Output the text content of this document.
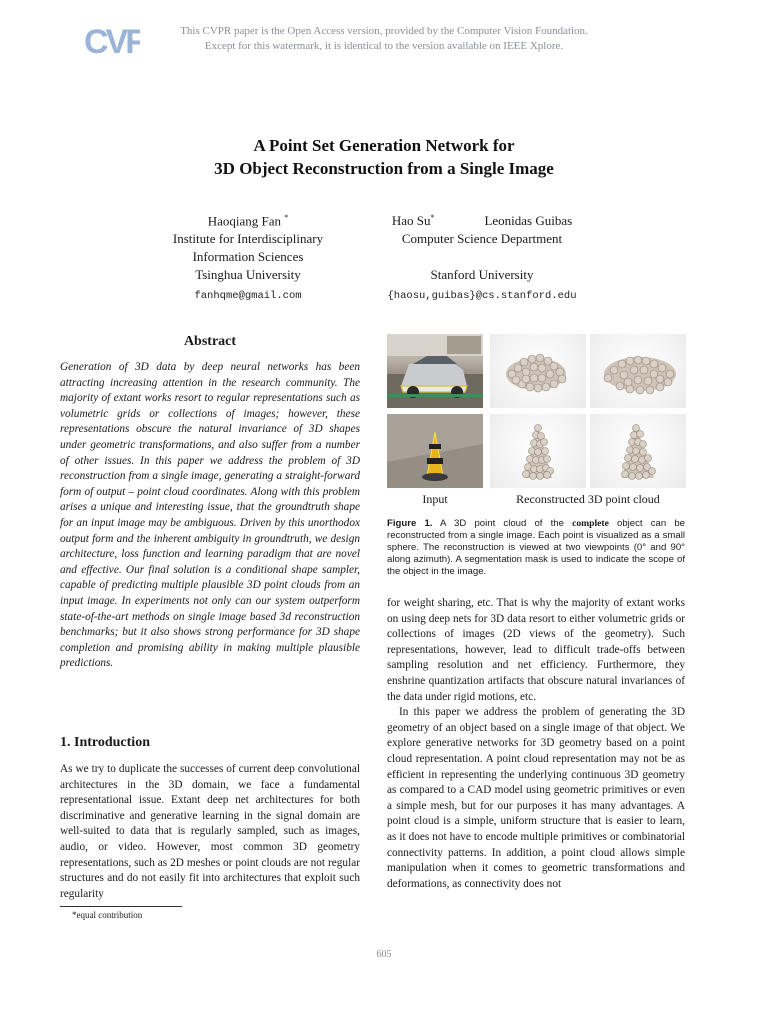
CVF	This CVPR paper is the Open Access version, provided by the Computer Vision Foundation.
Except for this watermark, it is identical to the version available on IEEE Xplore.
A Point Set Generation Network for
3D Object Reconstruction from a Single Image
Haoqiang Fan *
Institute for Interdisciplinary
Information Sciences
Tsinghua University
fanhqme@gmail.com
Hao Su*	Leonidas Guibas
Computer Science Department
Stanford University
{haosu,guibas}@cs.stanford.edu
Abstract
Generation of 3D data by deep neural networks has been attracting increasing attention in the research community. The majority of extant works resort to regular representations such as volumetric grids or collections of images; however, these representations obscure the natural invariance of 3D shapes under geometric transformations, and also suffer from a number of other issues. In this paper we address the problem of 3D reconstruction from a single image, generating a straight-forward form of output – point cloud coordinates. Along with this problem arises a unique and interesting issue, that the groundtruth shape for an input image may be ambiguous. Driven by this unorthodox output form and the inherent ambiguity in groundtruth, we design architecture, loss function and learning paradigm that are novel and effective. Our final solution is a conditional shape sampler, capable of predicting multiple plausible 3D point clouds from an input image. In experiments not only can our system outperform state-of-the-art methods on single image based 3d reconstruction benchmarks; but it also shows strong performance for 3D shape completion and promising ability in making multiple plausible predictions.
1. Introduction
As we try to duplicate the successes of current deep convolutional architectures in the 3D domain, we face a fundamental representational issue. Extant deep net architectures for both discriminative and generative learning in the signal domain are well-suited to data that is regularly sampled, such as images, audio, or video. However, most common 3D geometry representations, such as 2D meshes or point clouds are not regular structures and do not easily fit into architectures that exploit such regularity
*equal contribution
Input	Reconstructed 3D point cloud
Figure 1. A 3D point cloud of the complete object can be reconstructed from a single image. Each point is visualized as a small sphere. The reconstruction is viewed at two viewpoints (0° and 90° along azimuth). A segmentation mask is used to indicate the scope of the object in the image.

for weight sharing, etc. That is why the majority of extant works on using deep nets for 3D data resort to either volumetric grids or collections of images (2D views of the geometry). Such representations, however, lead to difficult trade-offs between sampling resolution and net efficiency. Furthermore, they enshrine quantization artifacts that obscure natural invariances of the data under rigid motions, etc.

In this paper we address the problem of generating the 3D geometry of an object based on a single image of that object. We explore generative networks for 3D geometry based on a point cloud representation. A point cloud representation may not be as efficient in representing the underlying continuous 3D geometry as compared to a CAD model using geometric primitives or even a simple mesh, but for our purposes it has many advantages. A point cloud is a simple, uniform structure that is easier to learn, as it does not have to encode multiple primitives or combinatorial connectivity patterns. In addition, a point cloud allows simple manipulation when it comes to geometric transformations and deformations, as connectivity does not

605
